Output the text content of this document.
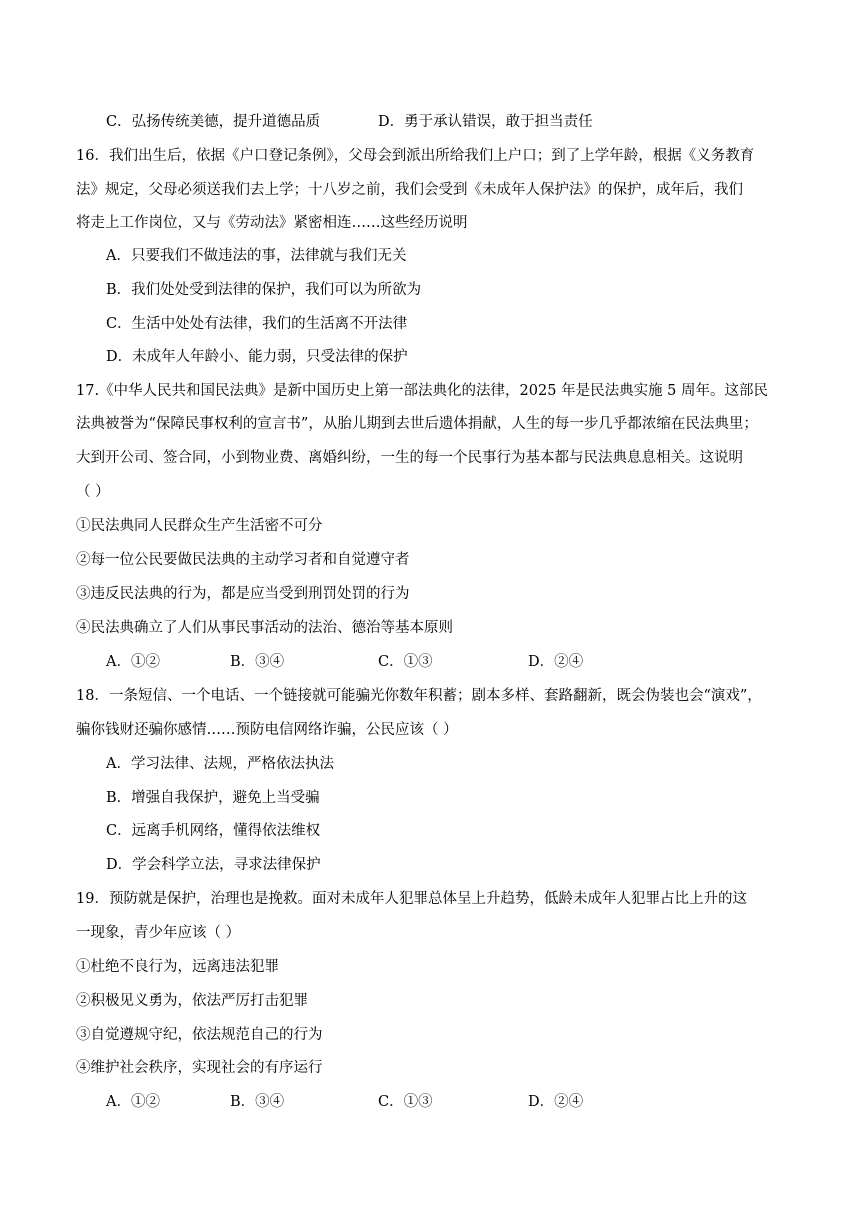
C．弘扬传统美德，提升道德品质	D．勇于承认错误，敢于担当责任
16．我们出生后，依据《户口登记条例》，父母会到派出所给我们上户口；到了上学年龄，根据《义务教育
法》规定，父母必须送我们去上学；十八岁之前，我们会受到《未成年人保护法》的保护，成年后，我们
将走上工作岗位，又与《劳动法》紧密相连……这些经历说明
A．只要我们不做违法的事，法律就与我们无关
B．我们处处受到法律的保护，我们可以为所欲为
C．生活中处处有法律，我们的生活离不开法律
D．未成年人年龄小、能力弱，只受法律的保护
17.《中华人民共和国民法典》是新中国历史上第一部法典化的法律，2025 年是民法典实施 5 周年。这部民
法典被誉为“保障民事权利的宣言书”，从胎儿期到去世后遗体捐献，人生的每一步几乎都浓缩在民法典里；
大到开公司、签合同，小到物业费、离婚纠纷，一生的每一个民事行为基本都与民法典息息相关。这说明
（ ）
①民法典同人民群众生产生活密不可分
②每一位公民要做民法典的主动学习者和自觉遵守者
③违反民法典的行为，都是应当受到刑罚处罚的行为
④民法典确立了人们从事民事活动的法治、德治等基本原则
A．①②	B．③④	C．①③	D．②④
18．一条短信、一个电话、一个链接就可能骗光你数年积蓄；剧本多样、套路翻新，既会伪装也会“演戏”，
骗你钱财还骗你感情……预防电信网络诈骗，公民应该（ ）
A．学习法律、法规，严格依法执法
B．增强自我保护，避免上当受骗
C．远离手机网络，懂得依法维权
D．学会科学立法，寻求法律保护
19．预防就是保护，治理也是挽救。面对未成年人犯罪总体呈上升趋势，低龄未成年人犯罪占比上升的这
一现象，青少年应该（ ）
①杜绝不良行为，远离违法犯罪
②积极见义勇为，依法严厉打击犯罪
③自觉遵规守纪，依法规范自己的行为
④维护社会秩序，实现社会的有序运行
A．①②	B．③④	C．①③	D．②④
